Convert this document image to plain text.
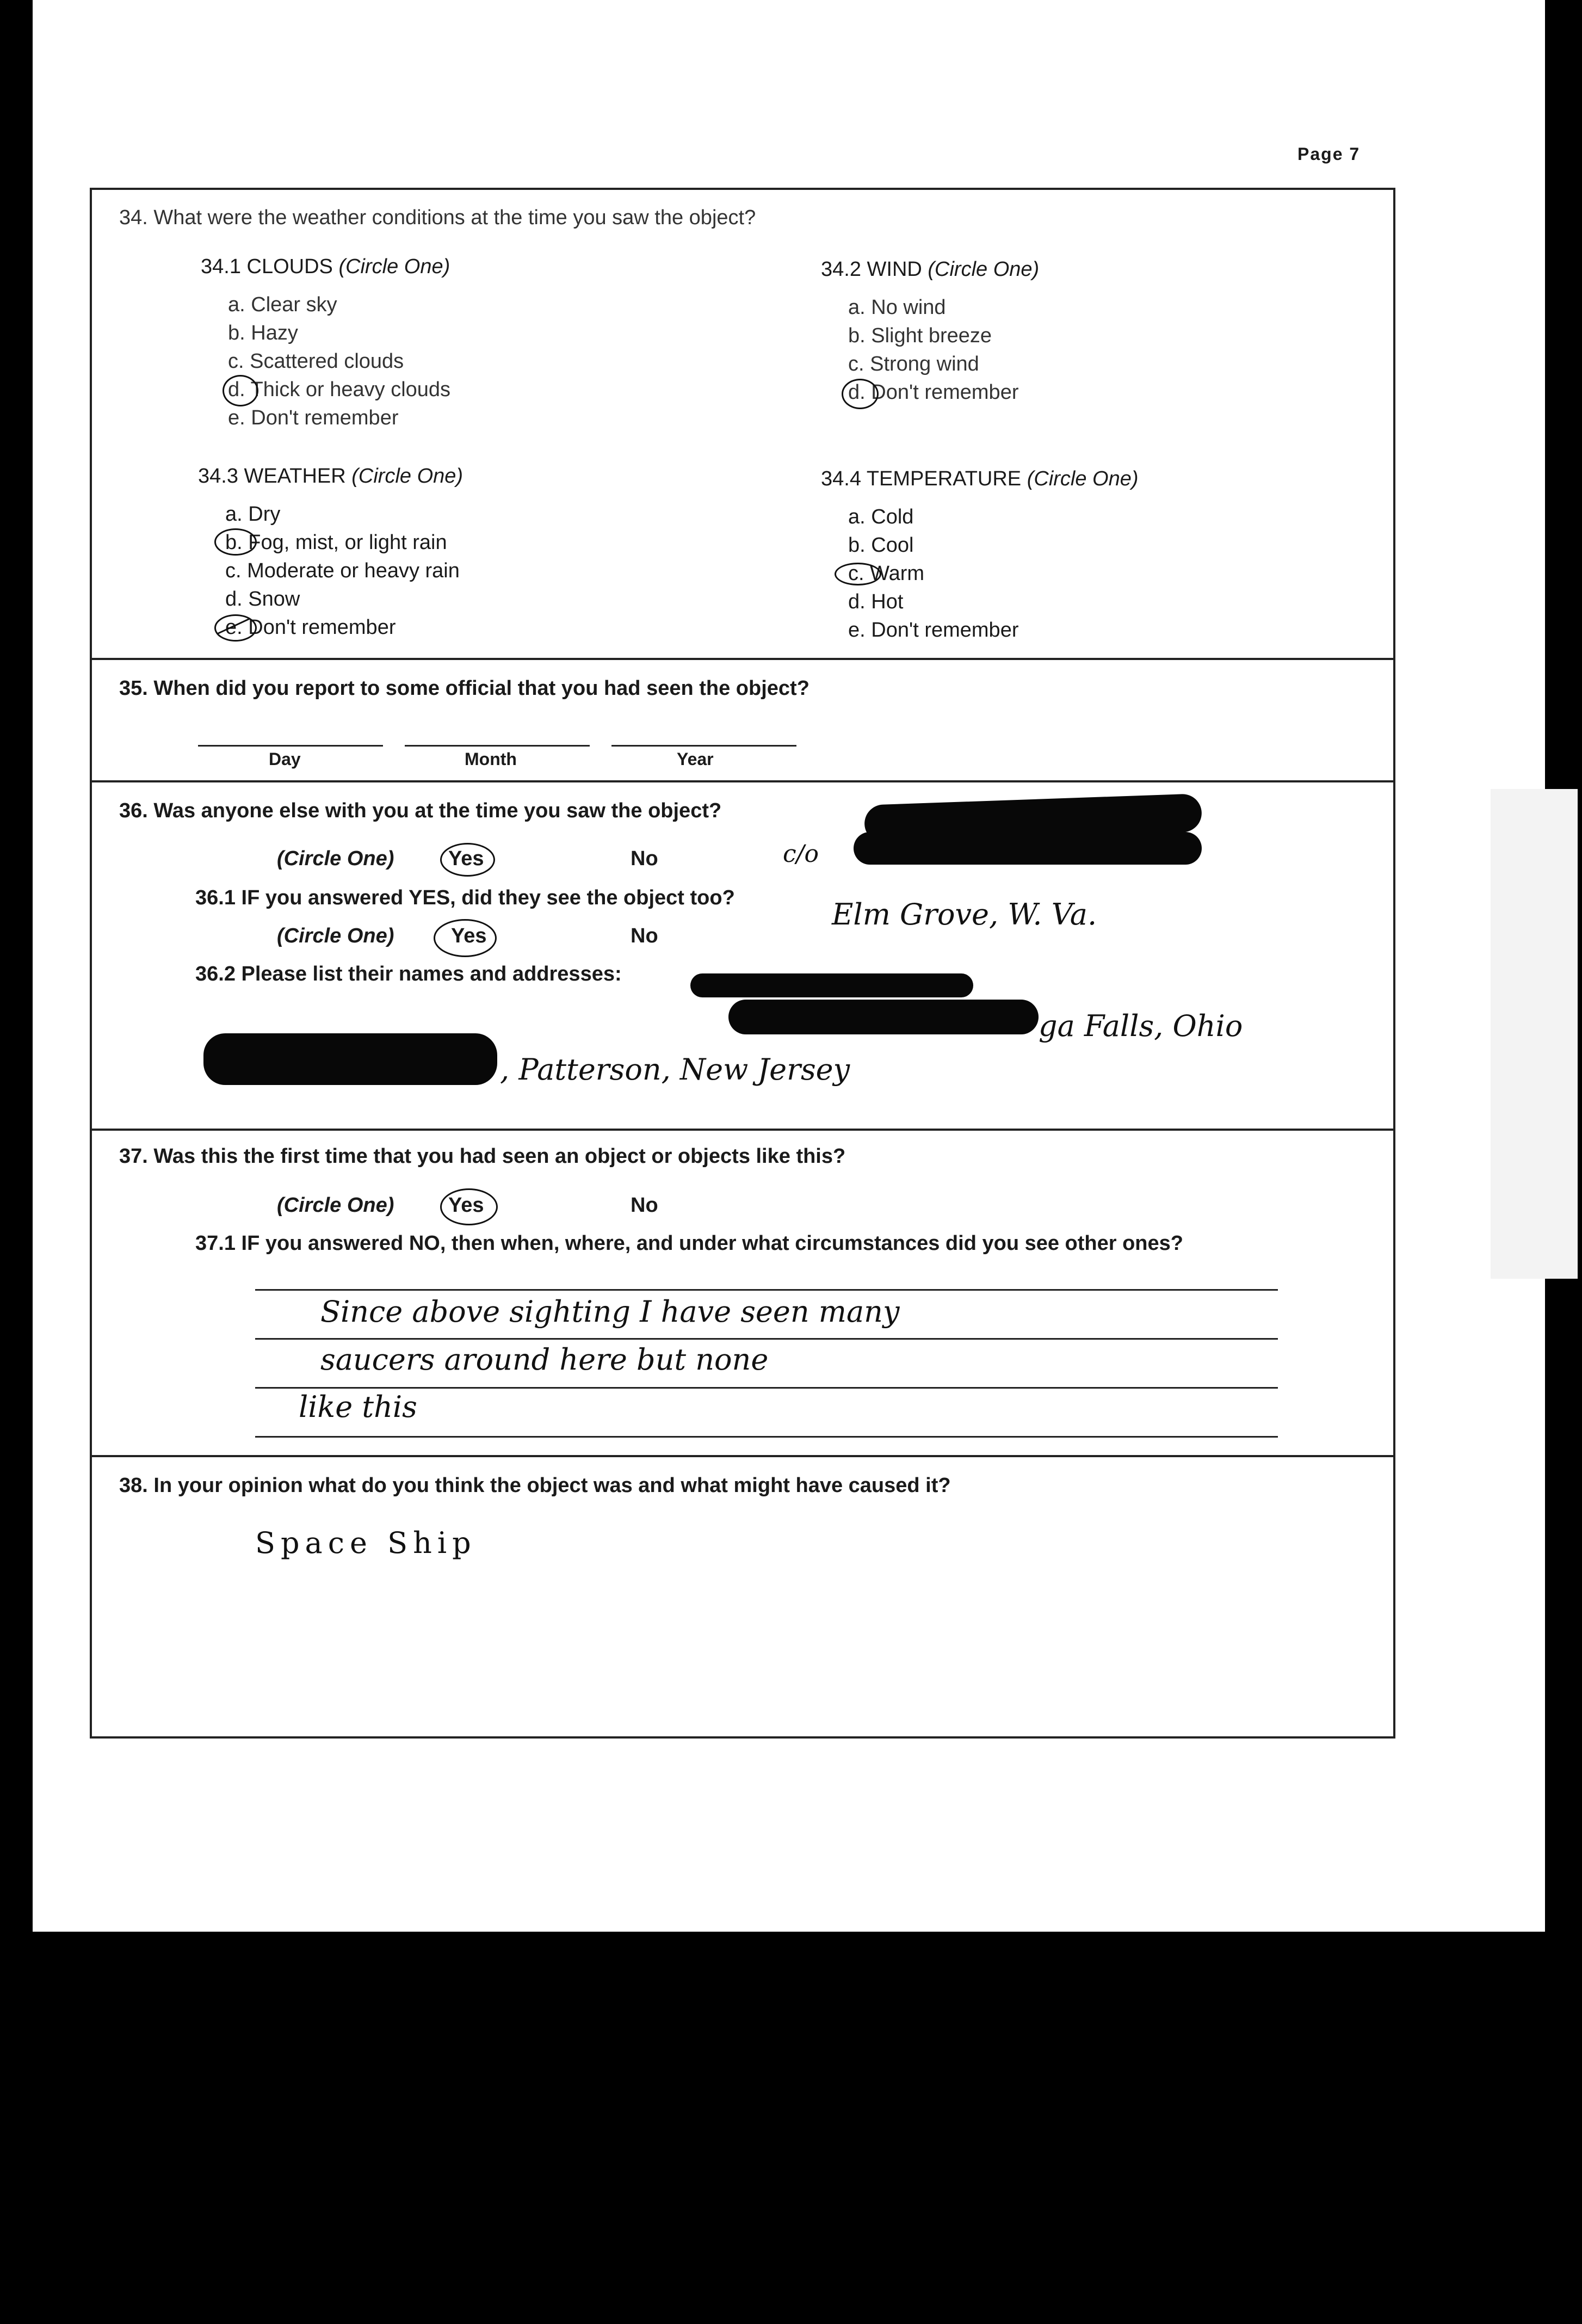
Page 7
34. What were the weather conditions at the time you saw the object?
34.1 CLOUDS (Circle One)
a. Clear sky
b. Hazy
c. Scattered clouds
d. Thick or heavy clouds
e. Don't remember
34.2 WIND (Circle One)
a. No wind
b. Slight breeze
c. Strong wind
d. Don't remember
34.3 WEATHER (Circle One)
a. Dry
b. Fog, mist, or light rain
c. Moderate or heavy rain
d. Snow
e. Don't remember
34.4 TEMPERATURE (Circle One)
a. Cold
b. Cool
c. Warm
d. Hot
e. Don't remember
35. When did you report to some official that you had seen the object?
Day	Month	Year
36. Was anyone else with you at the time you saw the object?
(Circle One)	Yes	No	c/o
36.1 IF you answered YES, did they see the object too?	Elm Grove, W. Va.
(Circle One)	Yes	No
36.2 Please list their names and addresses:
ga Falls, Ohio
, Patterson, New Jersey
37. Was this the first time that you had seen an object or objects like this?
(Circle One)	Yes	No
37.1 IF you answered NO, then when, where, and under what circumstances did you see other ones?
Since above sighting I have seen many
saucers around here but none
like this
38. In your opinion what do you think the object was and what might have caused it?
Space Ship
